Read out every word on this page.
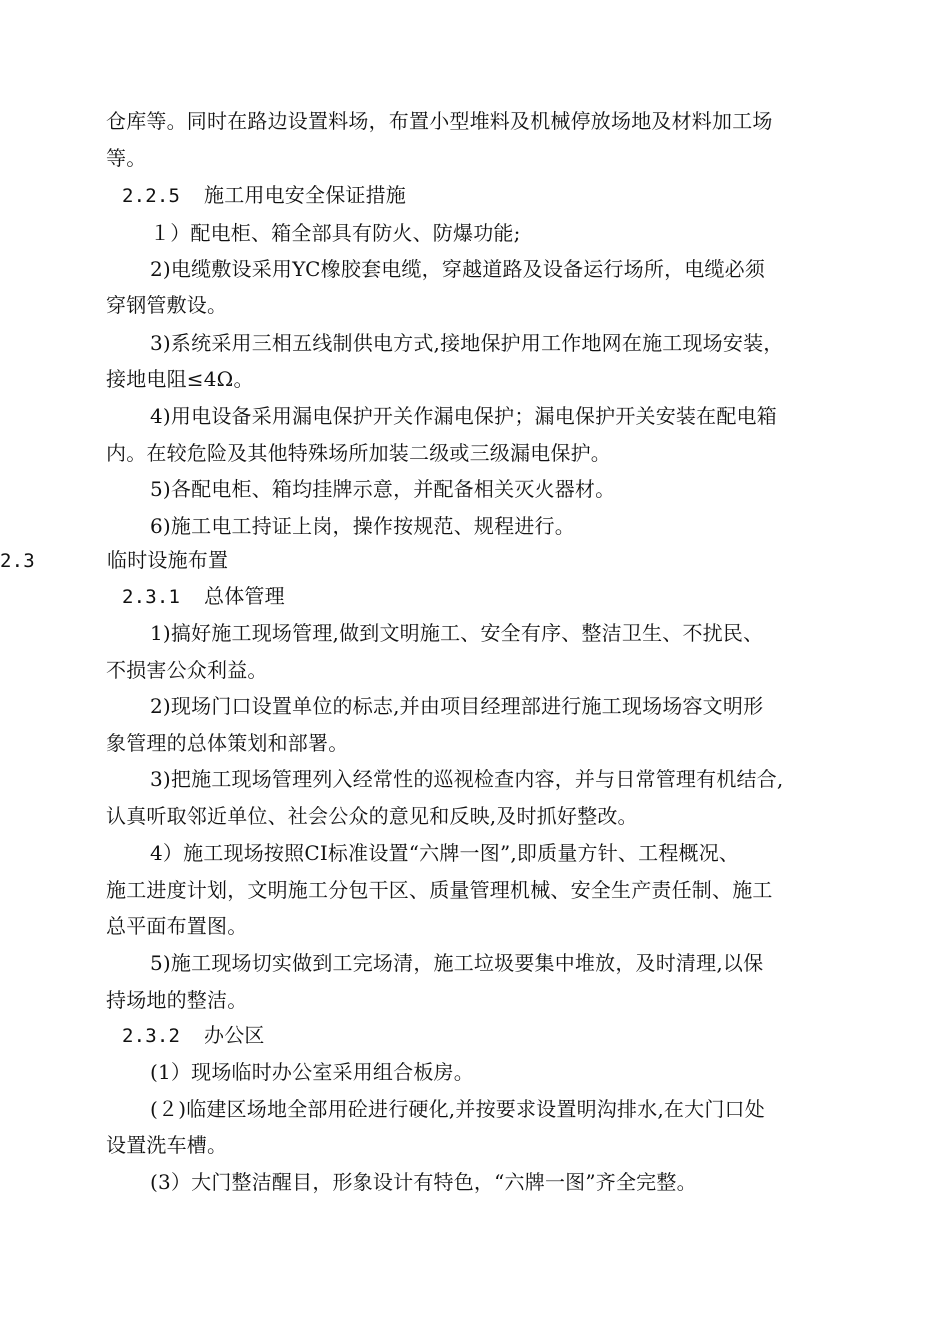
仓库等。同时在路边设置料场，布置小型堆料及机械停放场地及材料加工场

等。

１）配电柜、箱全部具有防火、防爆功能;

2)电缆敷设采用YC橡胶套电缆，穿越道路及设备运行场所，电缆必须

穿钢管敷设。

3)系统采用三相五线制供电方式,接地保护用工作地网在施工现场安装，

接地电阻≤4Ω。

4)用电设备采用漏电保护开关作漏电保护；漏电保护开关安装在配电箱

内。在较危险及其他特殊场所加装二级或三级漏电保护。

5)各配电柜、箱均挂牌示意，并配备相关灭火器材。

6)施工电工持证上岗，操作按规范、规程进行。

1)搞好施工现场管理,做到文明施工、安全有序、整洁卫生、不扰民、

不损害公众利益。

2)现场门口设置单位的标志,并由项目经理部进行施工现场场容文明形

象管理的总体策划和部署。

3)把施工现场管理列入经常性的巡视检查内容，并与日常管理有机结合,

认真听取邻近单位、社会公众的意见和反映,及时抓好整改。

4）施工现场按照CI标准设置“六牌一图”,即质量方针、工程概况、

施工进度计划，文明施工分包干区、质量管理机械、安全生产责任制、施工

总平面布置图。

5)施工现场切实做到工完场清，施工垃圾要集中堆放，及时清理,以保

持场地的整洁。

(1）现场临时办公室采用组合板房。

(２)临建区场地全部用砼进行硬化,并按要求设置明沟排水,在大门口处

设置洗车槽。

(3）大门整洁醒目，形象设计有特色，“六牌一图”齐全完整。

2.2.5 施工用电安全保证措施
2.3	临时设施布置
2.3.1 总体管理
2.3.2 办公区
